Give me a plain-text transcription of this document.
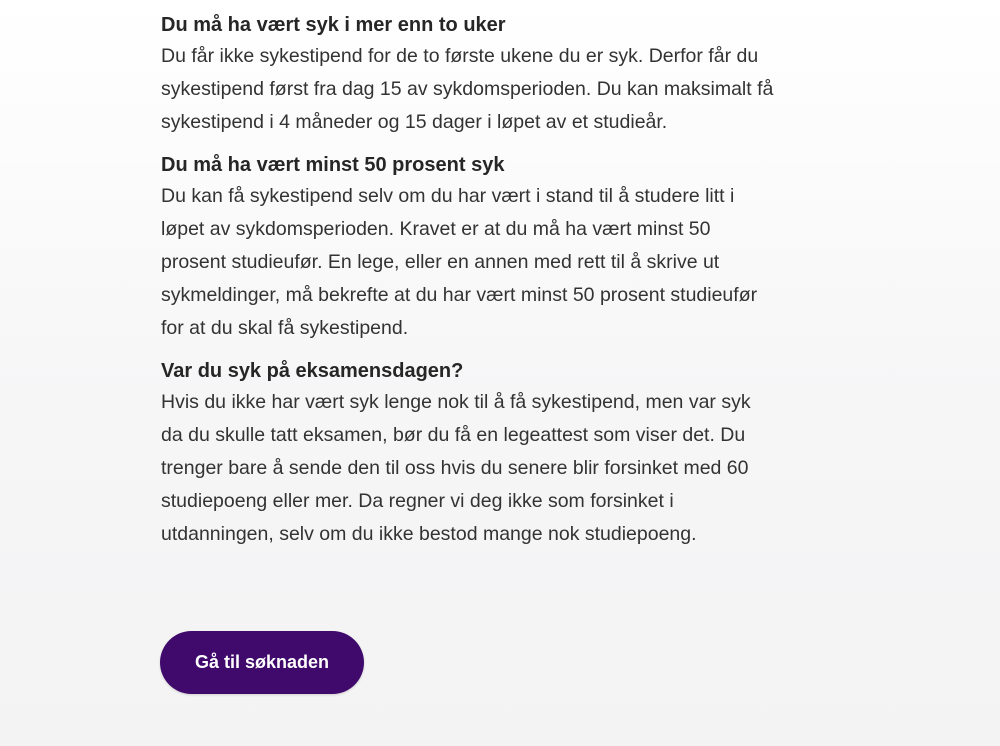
Du må ha vært syk i mer enn to uker

Du får ikke sykestipend for de to første ukene du er syk. Derfor får du
sykestipend først fra dag 15 av sykdomsperioden. Du kan maksimalt få
sykestipend i 4 måneder og 15 dager i løpet av et studieår.

Du må ha vært minst 50 prosent syk

Du kan få sykestipend selv om du har vært i stand til å studere litt i
løpet av sykdomsperioden. Kravet er at du må ha vært minst 50
prosent studieufør. En lege, eller en annen med rett til å skrive ut
sykmeldinger, må bekrefte at du har vært minst 50 prosent studieufør
for at du skal få sykestipend.

Var du syk på eksamensdagen?

Hvis du ikke har vært syk lenge nok til å få sykestipend, men var syk
da du skulle tatt eksamen, bør du få en legeattest som viser det. Du
trenger bare å sende den til oss hvis du senere blir forsinket med 60
studiepoeng eller mer. Da regner vi deg ikke som forsinket i
utdanningen, selv om du ikke bestod mange nok studiepoeng.

Gå til søknaden
